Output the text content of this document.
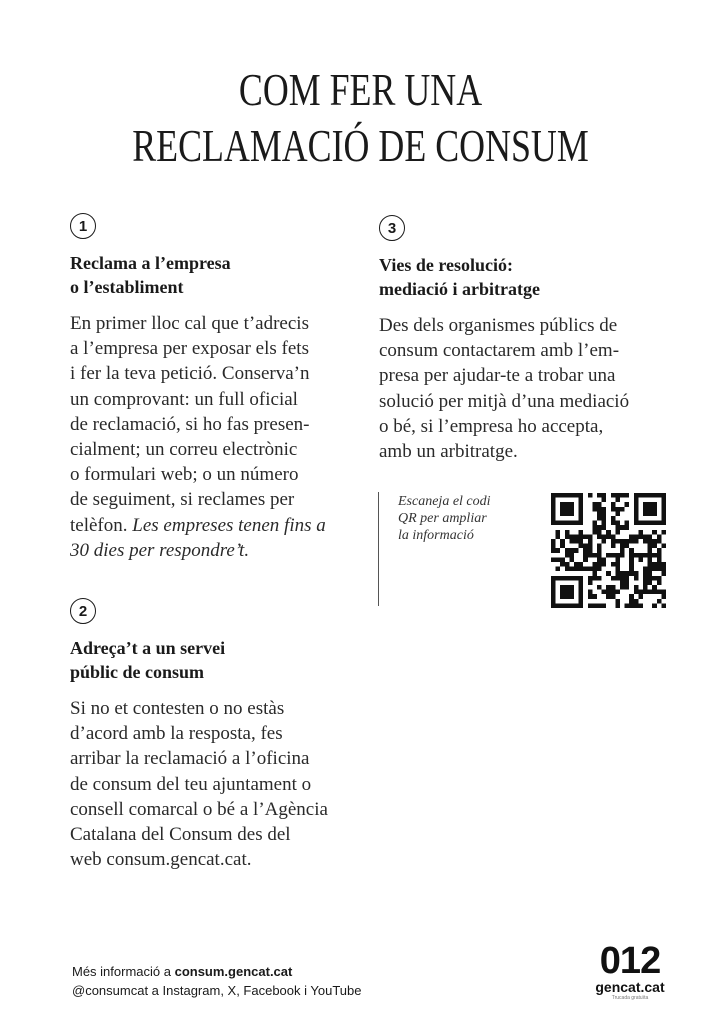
COM FER UNA
RECLAMACIÓ DE CONSUM
1
Reclama a l’empresa
o l’establiment
En primer lloc cal que t’adrecis
a l’empresa per exposar els fets
i fer la teva petició. Conserva’n
un comprovant: un full oficial
de reclamació, si ho fas presen-
cialment; un correu electrònic
o formulari web; o un número
de seguiment, si reclames per
telèfon. Les empreses tenen fins a
30 dies per respondre’t.
2
Adreça’t a un servei
públic de consum
Si no et contesten o no estàs
d’acord amb la resposta, fes
arribar la reclamació a l’oficina
de consum del teu ajuntament o
consell comarcal o bé a l’Agència
Catalana del Consum des del
web consum.gencat.cat.
3
Vies de resolució:
mediació i arbitratge
Des dels organismes públics de
consum contactarem amb l’em-
presa per ajudar-te a trobar una
solució per mitjà d’una mediació
o bé, si l’empresa ho accepta,
amb un arbitratge.
Escaneja el codi
QR per ampliar
la informació
Més informació a consum.gencat.cat
@consumcat a Instagram, X, Facebook i YouTube
012
gencat.cat
Trucada gratuïta
